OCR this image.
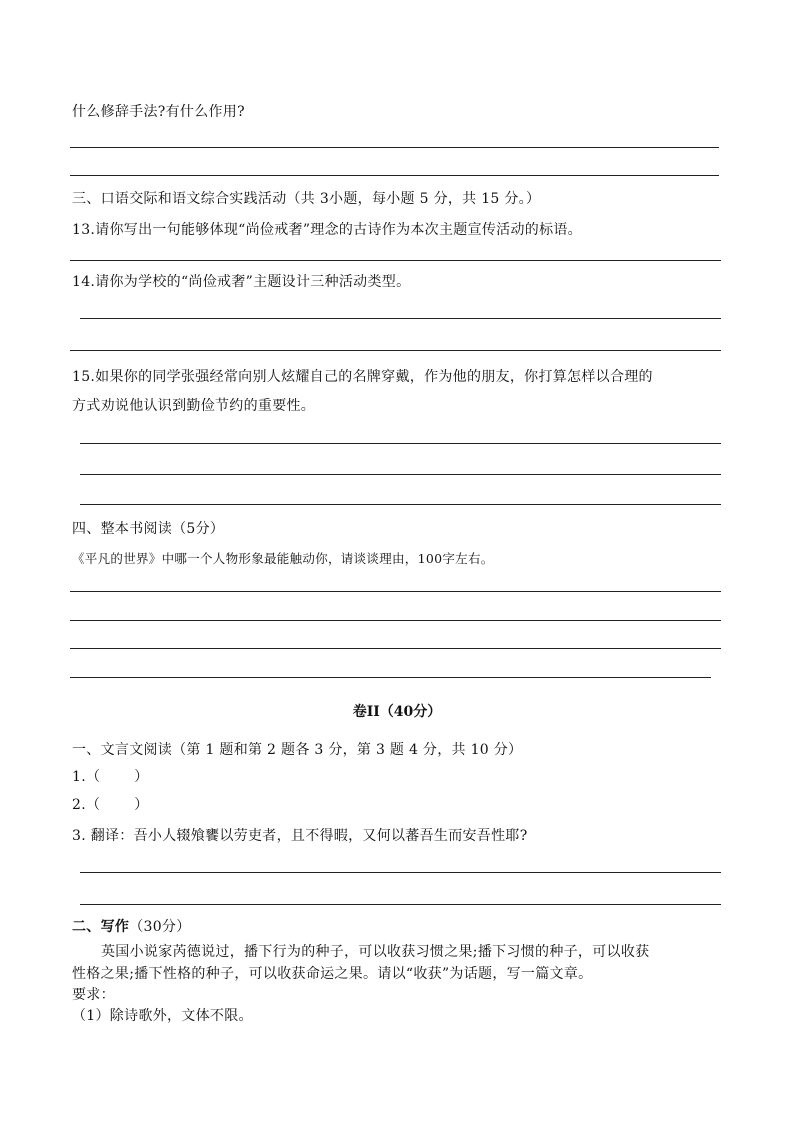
什么修辞手法?有什么作用?
三、口语交际和语文综合实践活动（共 3小题，每小题 5 分，共 15 分。）
13.请你写出一句能够体现“尚俭戒奢”理念的古诗作为本次主题宣传活动的标语。
14.请你为学校的“尚俭戒奢”主题设计三种活动类型。
15.如果你的同学张强经常向别人炫耀自己的名牌穿戴，作为他的朋友，你打算怎样以合理的
方式劝说他认识到勤俭节约的重要性。
四、整本书阅读（5分）
《平凡的世界》中哪一个人物形象最能触动你，请谈谈理由，100字左右。
卷II（40分）
一、文言文阅读（第 1 题和第 2 题各 3 分，第 3 题 4 分，共 10 分）
1.（ ）
2.（ ）
3. 翻译：吾小人辍飧饔以劳吏者，且不得暇，又何以蕃吾生而安吾性耶?
二、写作（30分）
英国小说家芮德说过，播下行为的种子，可以收获习惯之果;播下习惯的种子，可以收获
性格之果;播下性格的种子，可以收获命运之果。请以“收获”为话题，写一篇文章。
要求：
（1）除诗歌外，文体不限。
